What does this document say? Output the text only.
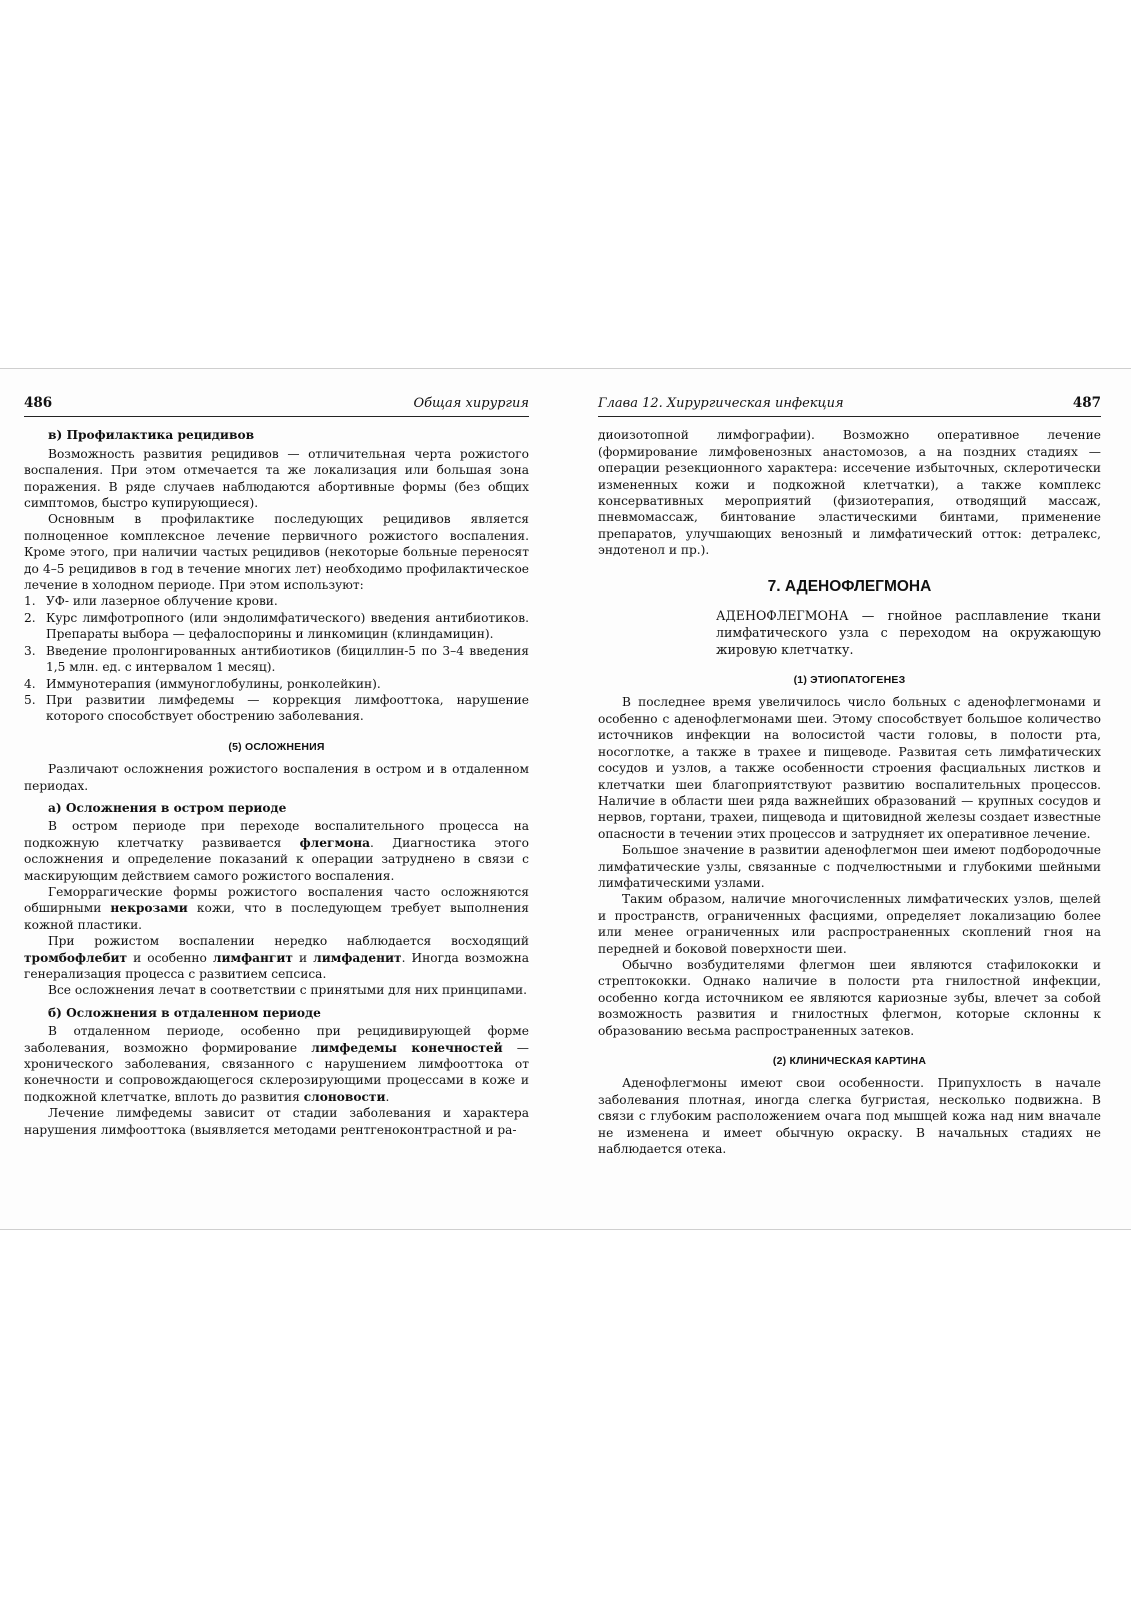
486	Общая хирургия
в) Профилактика рецидивов

Возможность развития рецидивов — отличительная черта рожистого воспаления. При этом отмечается та же локализация или большая зона поражения. В ряде случаев наблюдаются абортивные формы (без общих симптомов, быстро купирующиеся).

Основным в профилактике последующих рецидивов является полноценное комплексное лечение первичного рожистого воспаления. Кроме этого, при наличии частых рецидивов (некоторые больные переносят до 4–5 рецидивов в год в течение многих лет) необходимо профилактическое лечение в холодном периоде. При этом используют:

1. УФ- или лазерное облучение крови.
2. Курс лимфотропного (или эндолимфатического) введения антибиотиков. Препараты выбора — цефалоспорины и линкомицин (клиндамицин).
3. Введение пролонгированных антибиотиков (бициллин-5 по 3–4 введения 1,5 млн. ед. с интервалом 1 месяц).
4. Иммунотерапия (иммуноглобулины, ронколейкин).
5. При развитии лимфедемы — коррекция лимфооттока, нарушение которого способствует обострению заболевания.
(5) ОСЛОЖНЕНИЯ

Различают осложнения рожистого воспаления в остром и в отдаленном периодах.

а) Осложнения в остром периоде

В остром периоде при переходе воспалительного процесса на подкожную клетчатку развивается флегмона. Диагностика этого осложнения и определение показаний к операции затруднено в связи с маскирующим действием самого рожистого воспаления.

Геморрагические формы рожистого воспаления часто осложняются обширными некрозами кожи, что в последующем требует выполнения кожной пластики.

При рожистом воспалении нередко наблюдается восходящий тромбофлебит и особенно лимфангит и лимфаденит. Иногда возможна генерализация процесса с развитием сепсиса.

Все осложнения лечат в соответствии с принятыми для них принципами.

б) Осложнения в отдаленном периоде

В отдаленном периоде, особенно при рецидивирующей форме заболевания, возможно формирование лимфедемы конечностей — хронического заболевания, связанного с нарушением лимфооттока от конечности и сопровождающегося склерозирующими процессами в коже и подкожной клетчатке, вплоть до развития слоновости.

Лечение лимфедемы зависит от стадии заболевания и характера нарушения лимфооттока (выявляется методами рентгеноконтрастной и ра-

Глава 12. Хирургическая инфекция	487

диоизотопной лимфографии). Возможно оперативное лечение (формирование лимфовенозных анастомозов, а на поздних стадиях — операции резекционного характера: иссечение избыточных, склеротически измененных кожи и подкожной клетчатки), а также комплекс консервативных мероприятий (физиотерапия, отводящий массаж, пневмомассаж, бинтование эластическими бинтами, применение препаратов, улучшающих венозный и лимфатический отток: детралекс, эндотенол и пр.).

7. АДЕНОФЛЕГМОНА

АДЕНОФЛЕГМОНА — гнойное расплавление ткани лимфатического узла с переходом на окружающую жировую клетчатку.

(1) ЭТИОПАТОГЕНЕЗ

В последнее время увеличилось число больных с аденофлегмонами и особенно с аденофлегмонами шеи. Этому способствует большое количество источников инфекции на волосистой части головы, в полости рта, носоглотке, а также в трахее и пищеводе. Развитая сеть лимфатических сосудов и узлов, а также особенности строения фасциальных листков и клетчатки шеи благоприятствуют развитию воспалительных процессов. Наличие в области шеи ряда важнейших образований — крупных сосудов и нервов, гортани, трахеи, пищевода и щитовидной железы создает известные опасности в течении этих процессов и затрудняет их оперативное лечение.

Большое значение в развитии аденофлегмон шеи имеют подбородочные лимфатические узлы, связанные с подчелюстными и глубокими шейными лимфатическими узлами.

Таким образом, наличие многочисленных лимфатических узлов, щелей и пространств, ограниченных фасциями, определяет локализацию более или менее ограниченных или распространенных скоплений гноя на передней и боковой поверхности шеи.

Обычно возбудителями флегмон шеи являются стафилококки и стрептококки. Однако наличие в полости рта гнилостной инфекции, особенно когда источником ее являются кариозные зубы, влечет за собой возможность развития и гнилостных флегмон, которые склонны к образованию весьма распространенных затеков.

(2) КЛИНИЧЕСКАЯ КАРТИНА

Аденофлегмоны имеют свои особенности. Припухлость в начале заболевания плотная, иногда слегка бугристая, несколько подвижна. В связи с глубоким расположением очага под мышцей кожа над ним вначале не изменена и имеет обычную окраску. В начальных стадиях не наблюдается отека.
